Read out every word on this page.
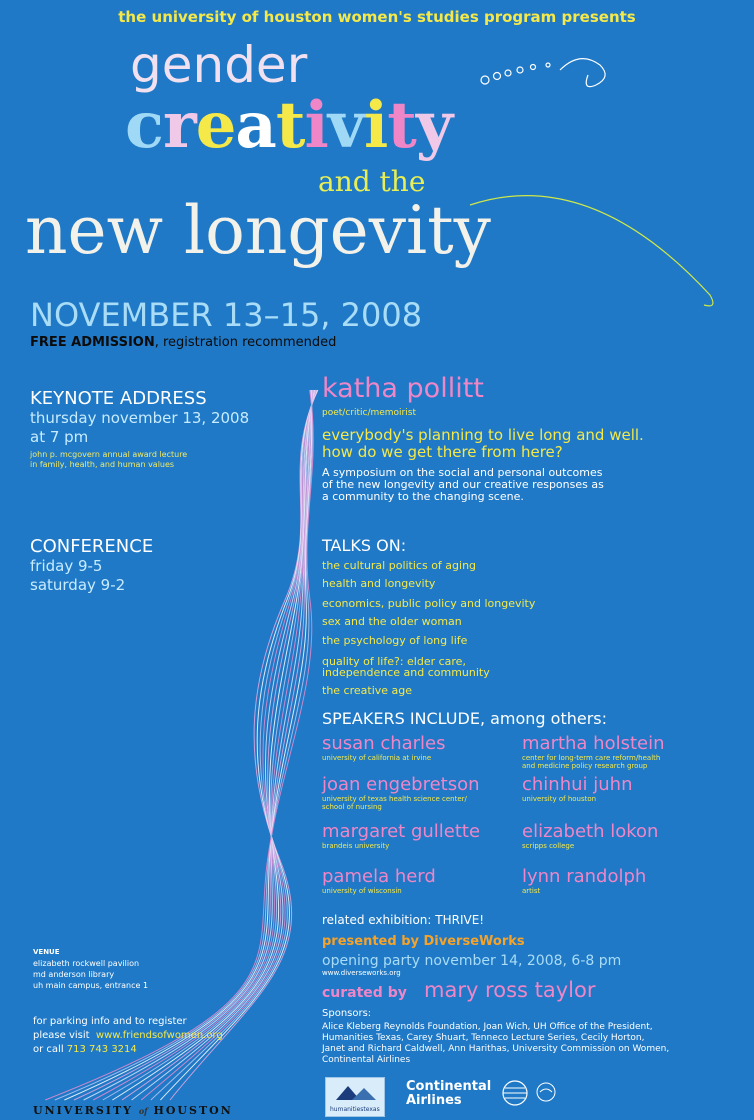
the university of houston women's studies program presents
gender
creativity
and the
new longevity
NOVEMBER 13–15, 2008
FREE ADMISSION, registration recommended
KEYNOTE ADDRESS
thursday november 13, 2008
at 7 pm
john p. mcgovern annual award lecture
in family, health, and human values
CONFERENCE
friday 9-5
saturday 9-2
katha pollitt
poet/critic/memoirist
everybody's planning to live long and well.
how do we get there from here?
A symposium on the social and personal outcomes
of the new longevity and our creative responses as
a community to the changing scene.
TALKS ON:
the cultural politics of aging
health and longevity
economics, public policy and longevity
sex and the older woman
the psychology of long life
quality of life?: elder care,
independence and community
the creative age
SPEAKERS INCLUDE, among others:
susan charles
university of california at irvine
martha holstein
center for long-term care reform/health
and medicine policy research group
joan engebretson
university of texas health science center/
school of nursing
chinhui juhn
university of houston
margaret gullette
brandeis university
elizabeth lokon
scripps college
pamela herd
university of wisconsin
lynn randolph
artist
related exhibition: THRIVE!
presented by DiverseWorks
opening party november 14, 2008, 6-8 pm
www.diverseworks.org
curated by mary ross taylor
Sponsors:
Alice Kleberg Reynolds Foundation, Joan Wich, UH Office of the President,
Humanities Texas, Carey Shuart, Tenneco Lecture Series, Cecily Horton,
Janet and Richard Caldwell, Ann Harithas, University Commission on Women,
Continental Airlines
VENUE
elizabeth rockwell pavilion
md anderson library
uh main campus, entrance 1
for parking info and to register
please visit www.friendsofwomen.org
or call 713 743 3214
UNIVERSITY of HOUSTON	humanitiestexas
Continental
Airlines
